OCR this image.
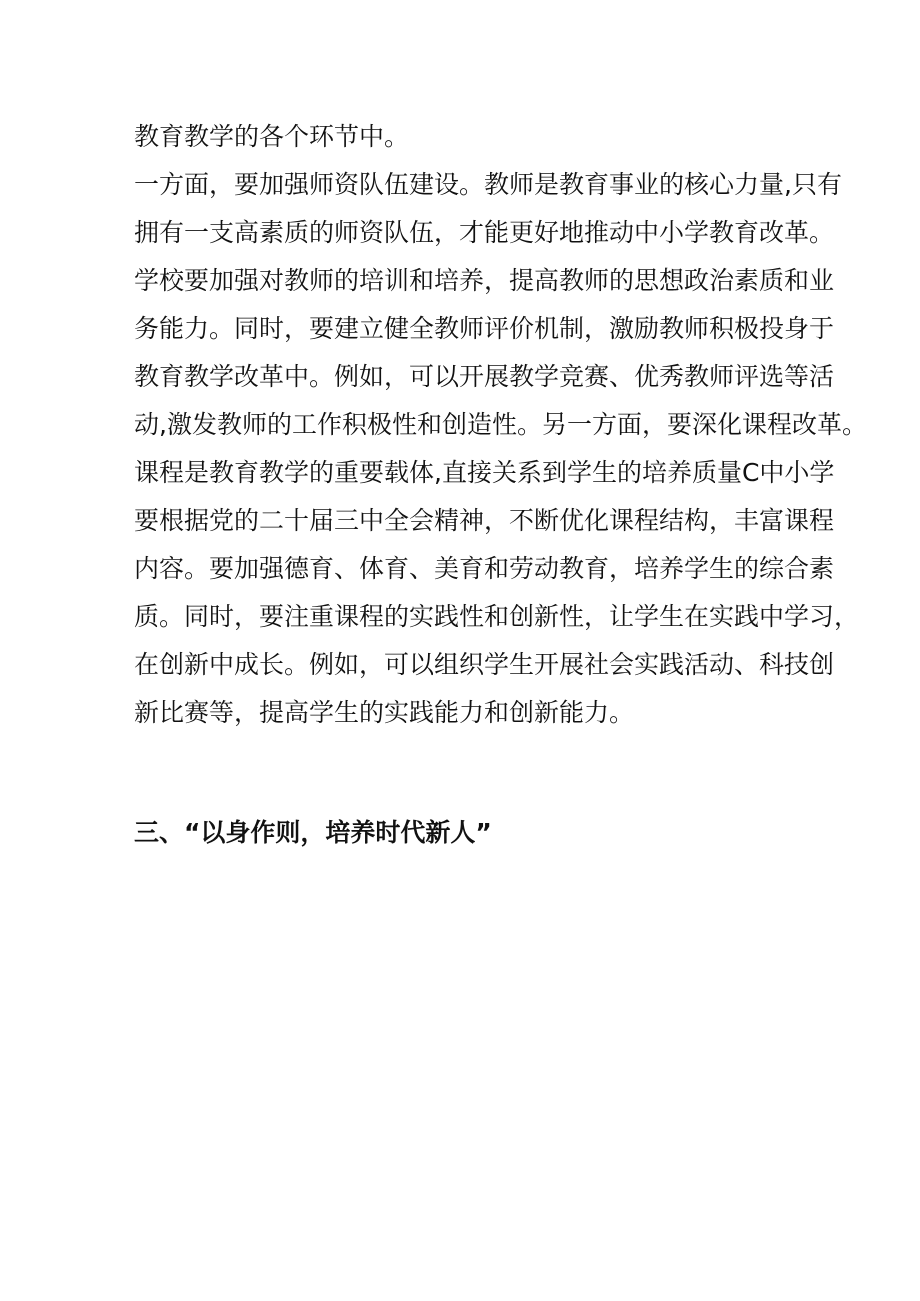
教育教学的各个环节中。
一方面，要加强师资队伍建设。教师是教育事业的核心力量,只有
拥有一支高素质的师资队伍，才能更好地推动中小学教育改革。
学校要加强对教师的培训和培养，提高教师的思想政治素质和业
务能力。同时，要建立健全教师评价机制，激励教师积极投身于
教育教学改革中。例如，可以开展教学竞赛、优秀教师评选等活
动,激发教师的工作积极性和创造性。另一方面，要深化课程改革。
课程是教育教学的重要载体,直接关系到学生的培养质量C中小学
要根据党的二十届三中全会精神，不断优化课程结构，丰富课程
内容。要加强德育、体育、美育和劳动教育，培养学生的综合素
质。同时，要注重课程的实践性和创新性，让学生在实践中学习，
在创新中成长。例如，可以组织学生开展社会实践活动、科技创
新比赛等，提高学生的实践能力和创新能力。
三、“以身作则，培养时代新人”
